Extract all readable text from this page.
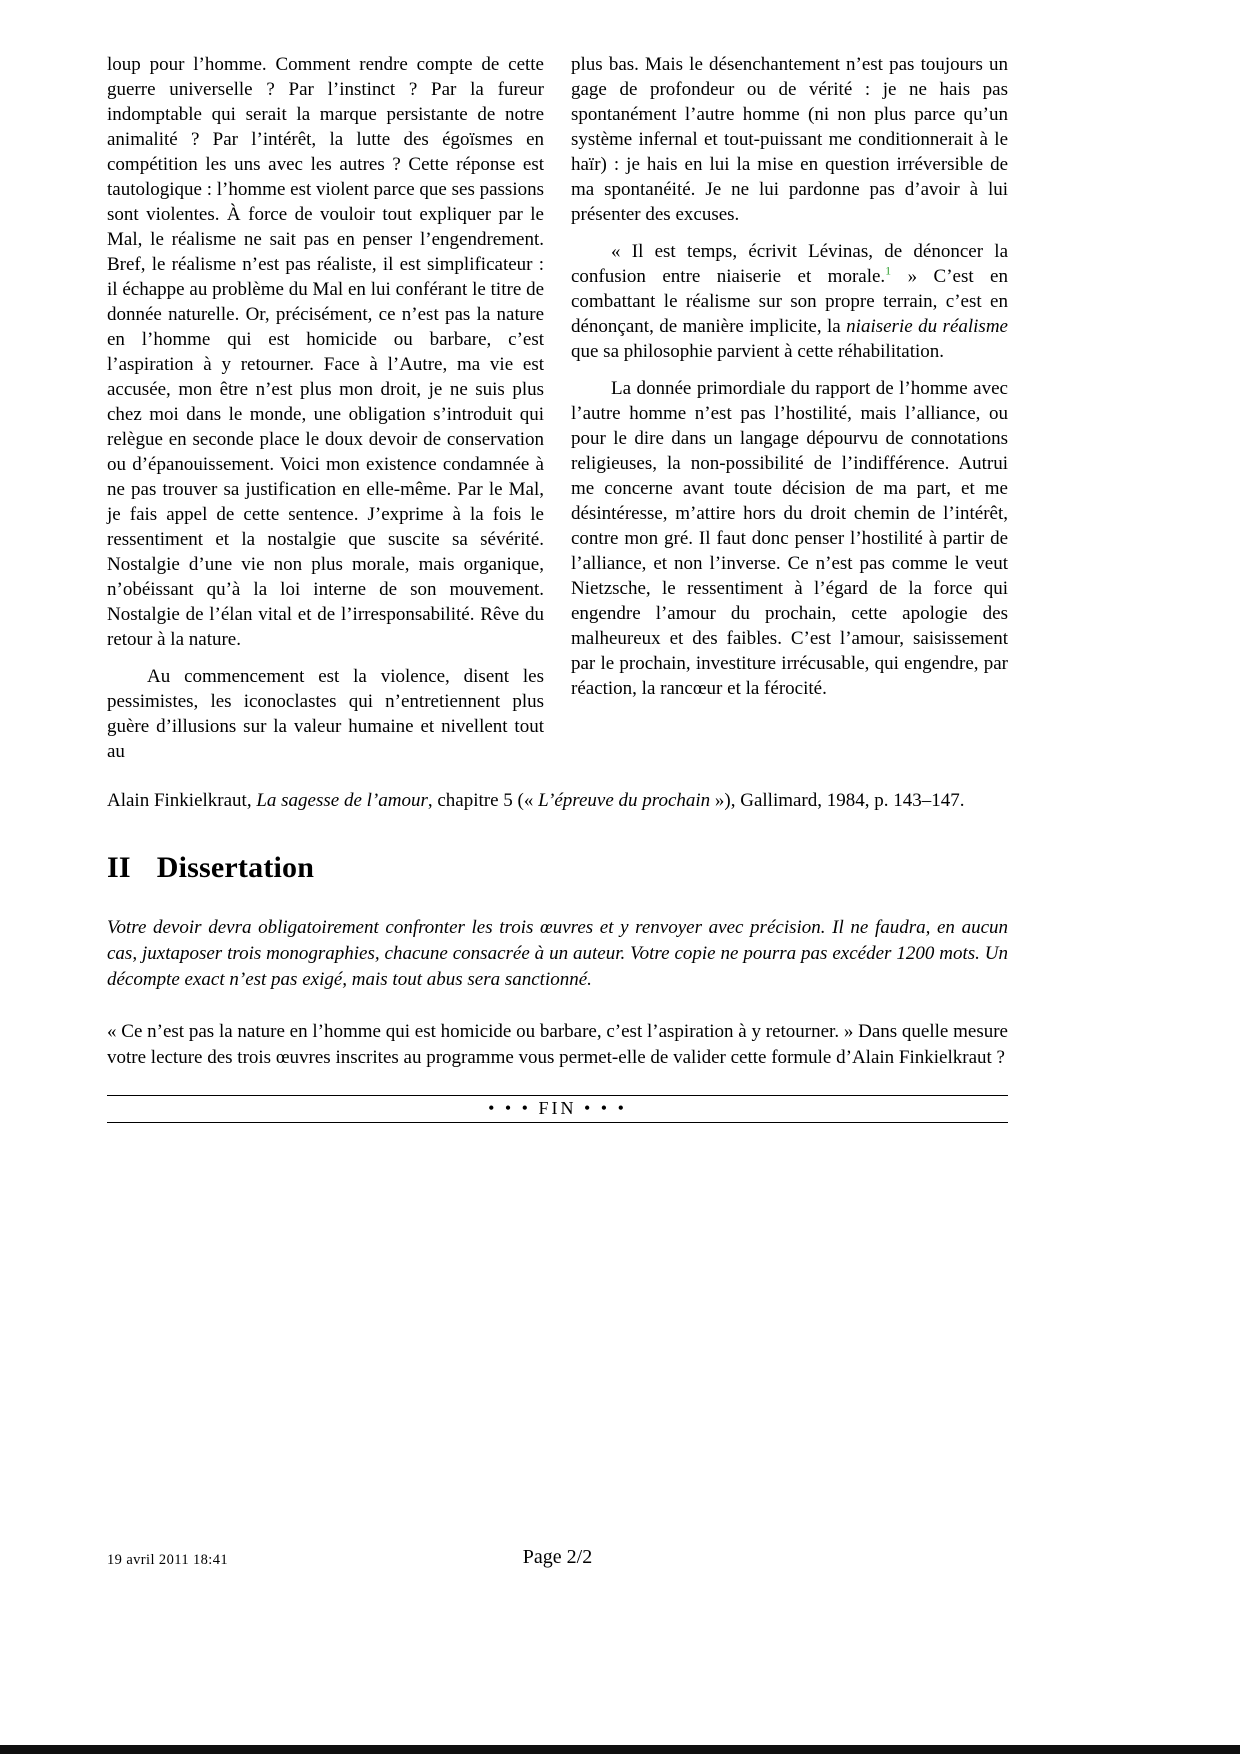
loup pour l’homme. Comment rendre compte de cette guerre universelle ? Par l’instinct ? Par la fureur indomptable qui serait la marque persistante de notre animalité ? Par l’intérêt, la lutte des égoïsmes en compétition les uns avec les autres ? Cette réponse est tautologique : l’homme est violent parce que ses passions sont violentes. À force de vouloir tout expliquer par le Mal, le réalisme ne sait pas en penser l’engendrement. Bref, le réalisme n’est pas réaliste, il est simplificateur : il échappe au problème du Mal en lui conférant le titre de donnée naturelle. Or, précisément, ce n’est pas la nature en l’homme qui est homicide ou barbare, c’est l’aspiration à y retourner. Face à l’Autre, ma vie est accusée, mon être n’est plus mon droit, je ne suis plus chez moi dans le monde, une obligation s’introduit qui relègue en seconde place le doux devoir de conservation ou d’épanouissement. Voici mon existence condamnée à ne pas trouver sa justification en elle-même. Par le Mal, je fais appel de cette sentence. J’exprime à la fois le ressentiment et la nostalgie que suscite sa sévérité. Nostalgie d’une vie non plus morale, mais organique, n’obéissant qu’à la loi interne de son mouvement. Nostalgie de l’élan vital et de l’irresponsabilité. Rêve du retour à la nature.

Au commencement est la violence, disent les pessimistes, les iconoclastes qui n’entretiennent plus guère d’illusions sur la valeur humaine et nivellent tout au

plus bas. Mais le désenchantement n’est pas toujours un gage de profondeur ou de vérité : je ne hais pas spontanément l’autre homme (ni non plus parce qu’un système infernal et tout-puissant me conditionnerait à le haïr) : je hais en lui la mise en question irréversible de ma spontanéité. Je ne lui pardonne pas d’avoir à lui présenter des excuses.

« Il est temps, écrivit Lévinas, de dénoncer la confusion entre niaiserie et morale.$^1$ » C’est en combattant le réalisme sur son propre terrain, c’est en dénonçant, de manière implicite, la niaiserie du réalisme que sa philosophie parvient à cette réhabilitation.

La donnée primordiale du rapport de l’homme avec l’autre homme n’est pas l’hostilité, mais l’alliance, ou pour le dire dans un langage dépourvu de connotations religieuses, la non-possibilité de l’indifférence. Autrui me concerne avant toute décision de ma part, et me désintéresse, m’attire hors du droit chemin de l’intérêt, contre mon gré. Il faut donc penser l’hostilité à partir de l’alliance, et non l’inverse. Ce n’est pas comme le veut Nietzsche, le ressentiment à l’égard de la force qui engendre l’amour du prochain, cette apologie des malheureux et des faibles. C’est l’amour, saisissement par le prochain, investiture irrécusable, qui engendre, par réaction, la rancœur et la férocité.

Alain Finkielkraut, La sagesse de l’amour, chapitre 5 (« L’épreuve du prochain »), Gallimard, 1984, p. 143–147.

II Dissertation

Votre devoir devra obligatoirement confronter les trois œuvres et y renvoyer avec précision. Il ne faudra, en aucun cas, juxtaposer trois monographies, chacune consacrée à un auteur. Votre copie ne pourra pas excéder 1200 mots. Un décompte exact n’est pas exigé, mais tout abus sera sanctionné.

« Ce n’est pas la nature en l’homme qui est homicide ou barbare, c’est l’aspiration à y retourner. » Dans quelle mesure votre lecture des trois œuvres inscrites au programme vous permet-elle de valider cette formule d’Alain Finkielkraut ?

• • • FIN • • •
19 avril 2011 18:41	Page 2/2
